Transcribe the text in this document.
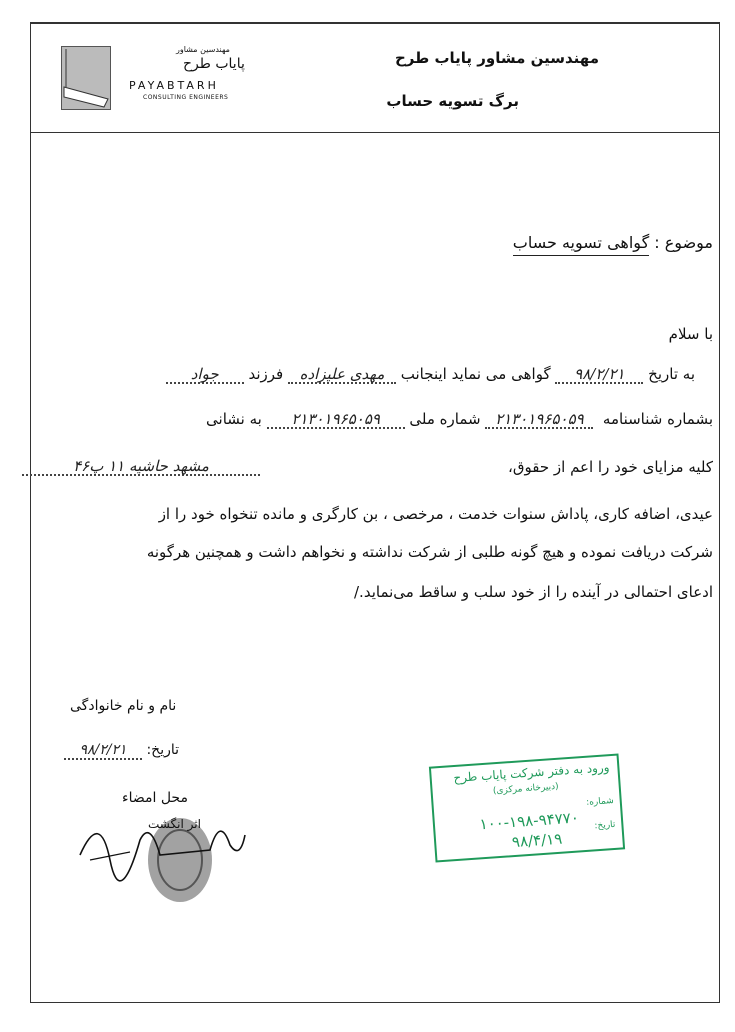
مهندسین مشاور
پایاب طرح
PAYABTARH
CONSULTING ENGINEERS
مهندسین مشاور پایاب طرح
برگ تسویه حساب
موضوع : گواهی تسویه حساب
با سلام
به تاریخ ۹۸/۲/۲۱ گواهی می نماید اینجانب مهدی علیزاده فرزند جواد
بشماره شناسنامه  ۲۱۳۰۱۹۶۵۰۵۹ شماره ملی ۲۱۳۰۱۹۶۵۰۵۹ به نشانی
کلیه مزایای خود را اعم از حقوق،
مشهد حاشیه ۱۱ پ۴۶
عیدی، اضافه کاری، پاداش سنوات خدمت ، مرخصی ، بن کارگری و مانده تنخواه خود را از
شرکت دریافت نموده و هیچ گونه طلبی از شرکت نداشته و نخواهم داشت و همچنین هرگونه
ادعای احتمالی در آینده را از خود سلب و ساقط می‌نماید./
نام و نام خانوادگی
تاریخ: ۹۸/۲/۲۱
محل امضاء
اثر انگشت
ورود به دفتر شرکت پایاب طرح
(دبیرخانه مرکزی)
شماره:
۱۰۰-۱۹۸-۹۴۷۷۰ تاریخ:
۹۸/۴/۱۹
